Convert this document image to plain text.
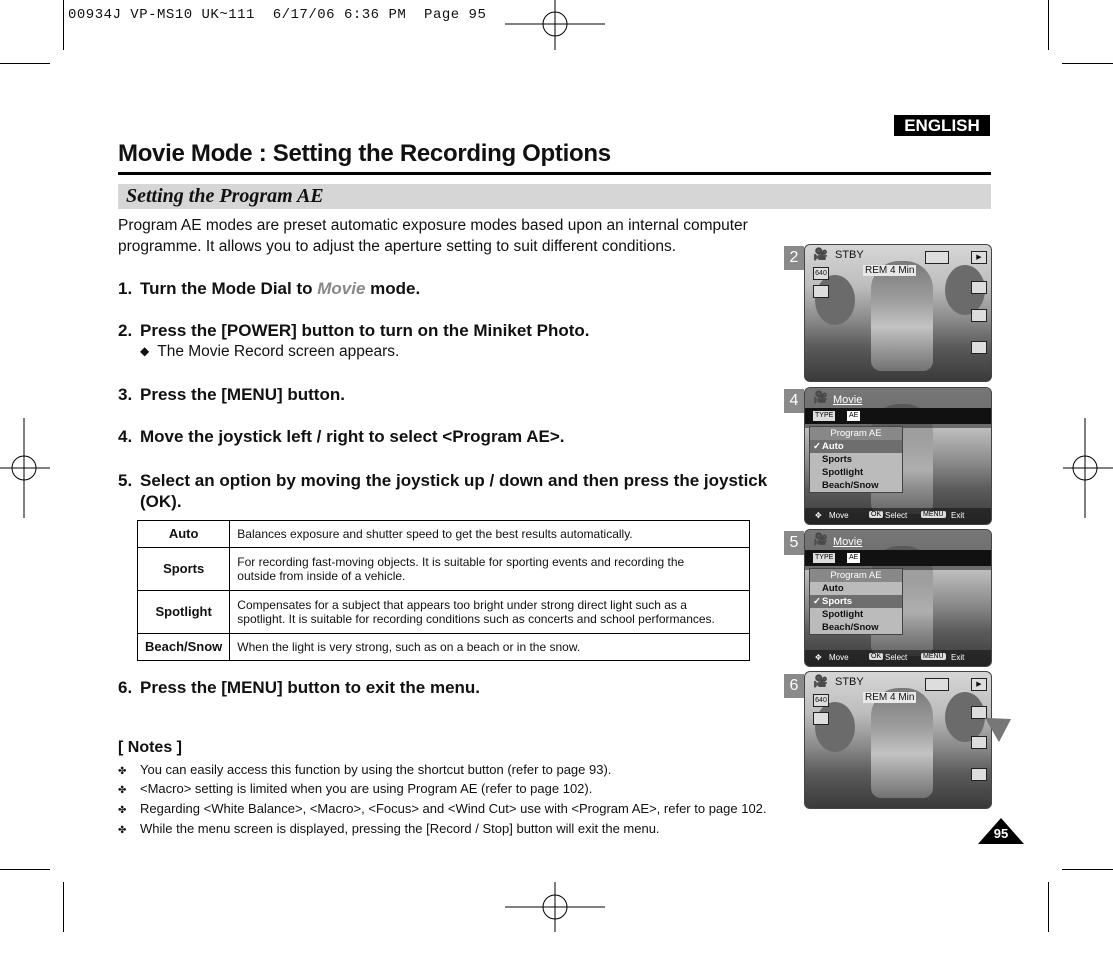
00934J VP-MS10 UK~111  6/17/06 6:36 PM  Page 95
ENGLISH
Movie Mode : Setting the Recording Options
Setting the Program AE
Program AE modes are preset automatic exposure modes based upon an internal computer
programme. It allows you to adjust the aperture setting to suit different conditions.
1. Turn the Mode Dial to Movie mode.
2. Press the [POWER] button to turn on the Miniket Photo.
◆ The Movie Record screen appears.
3. Press the [MENU] button.
4. Move the joystick left / right to select <Program AE>.
5. Select an option by moving the joystick up / down and then press the joystick
(OK).
Auto	Balances exposure and shutter speed to get the best results automatically.
Sports	For recording fast-moving objects. It is suitable for sporting events and recording the
outside from inside of a vehicle.
Spotlight	Compensates for a subject that appears too bright under strong direct light such as a
spotlight. It is suitable for recording conditions such as concerts and school performances.
Beach/Snow	When the light is very strong, such as on a beach or in the snow.
6. Press the [MENU] button to exit the menu.
[ Notes ]
✤ You can easily access this function by using the shortcut button (refer to page 93).
✤ <Macro> setting is limited when you are using Program AE (refer to page 102).
✤ Regarding <White Balance>, <Macro>, <Focus> and <Wind Cut> use with <Program AE>, refer to page 102.
✤ While the menu screen is displayed, pressing the [Record / Stop] button will exit the menu.
2	🎥 STBY
REM 4 Min
640
▶
4	🎥 Movie
TYPE AE
Program AE
✓ Auto
Sports
Spotlight
Beach/Snow
✥ Move	OK Select MENU Exit
5	🎥 Movie
TYPE AE
Program AE
Auto
✓ Sports
Spotlight
Beach/Snow
✥ Move	OK Select MENU Exit
6	🎥 STBY
REM 4 Min
640
▶
95
